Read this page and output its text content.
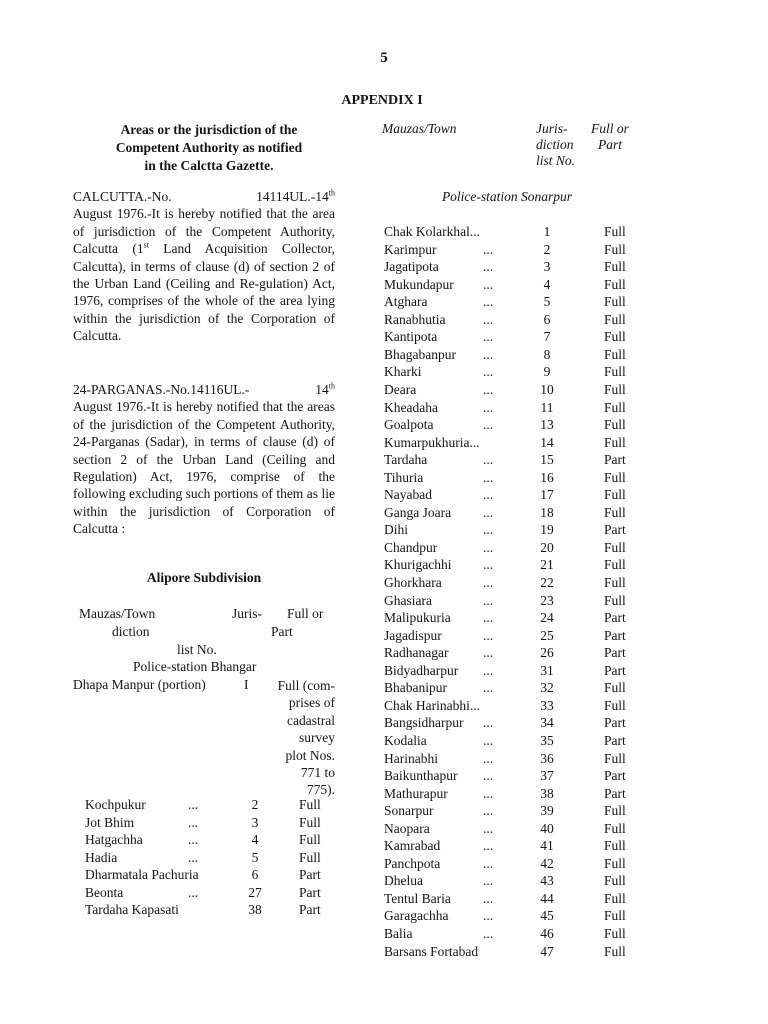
5
APPENDIX I
Areas or the jurisdiction of the
Competent Authority as notified
in the Calctta Gazette.
CALCUTTA.-No.	14114UL.-14th
August 1976.-It is hereby notified that the area of jurisdiction of the Competent Authority, Calcutta (1st Land Acquisition Collector, Calcutta), in terms of clause (d) of section 2 of the Urban Land (Ceiling and Re-gulation) Act, 1976, comprises of the whole of the area lying within the jurisdiction of the Corporation of Calcutta.
24-PARGANAS.-No.14116UL.-	14th
August 1976.-It is hereby notified that the areas of the jurisdiction of the Competent Authority, 24-Parganas (Sadar), in terms of clause (d) of section 2 of the Urban Land (Ceiling and Regulation) Act, 1976, comprise of the following excluding such portions of them as lie within the jurisdiction of Corporation of Calcutta :
Alipore Subdivision
Mauzas/Town	Juris- Full or
diction	Part
list No.
Police-station Bhangar
Dhapa Manpur (portion)	I	Full (com-
prises of
cadastral
survey
plot Nos.
771 to
775).
Kochpukur	...	2	Full
Jot Bhim	...	3	Full
Hatgachha	...	4	Full
Hadia	...	5	Full
Dharmatala Pachuria	6	Part
Beonta	...	27	Part
Tardaha Kapasati	38	Part
Mauzas/Town	Juris-
diction
list No.
Full or
Part
Police-station Sonarpur
Chak Kolarkhal...	1	Full
Karimpur	...	2	Full
Jagatipota	...	3	Full
Mukundapur ...	4	Full
Atghara	...	5	Full
Ranabhutia	...	6	Full
Kantipota	...	7	Full
Bhagabanpur ...	8	Full
Kharki	...	9	Full
Deara	...	10	Full
Kheadaha	...	11	Full
Goalpota	...	13	Full
Kumarpukhuria...	14	Full
Tardaha	...	15	Part
Tihuria	...	16	Full
Nayabad	...	17	Full
Ganga Joara ...	18	Full
Dihi	...	19	Part
Chandpur	...	20	Full
Khurigachhi ...	21	Full
Ghorkhara	...	22	Full
Ghasiara	...	23	Full
Malipukuria ...	24	Part
Jagadispur	...	25	Part
Radhanagar	...	26	Part
Bidyadharpur ...	31	Part
Bhabanipur	...	32	Full
Chak Harinabhi...	33	Full
Bangsidharpur ...	34	Part
Kodalia	...	35	Part
Harinabhi	...	36	Full
Baikunthapur ...	37	Part
Mathurapur	...	38	Part
Sonarpur	...	39	Full
Naopara	...	40	Full
Kamrabad	...	41	Full
Panchpota	...	42	Full
Dhelua	...	43	Full
Tentul Baria ...	44	Full
Garagachha	...	45	Full
Balia	...	46	Full
Barsans Fortabad	47	Full
